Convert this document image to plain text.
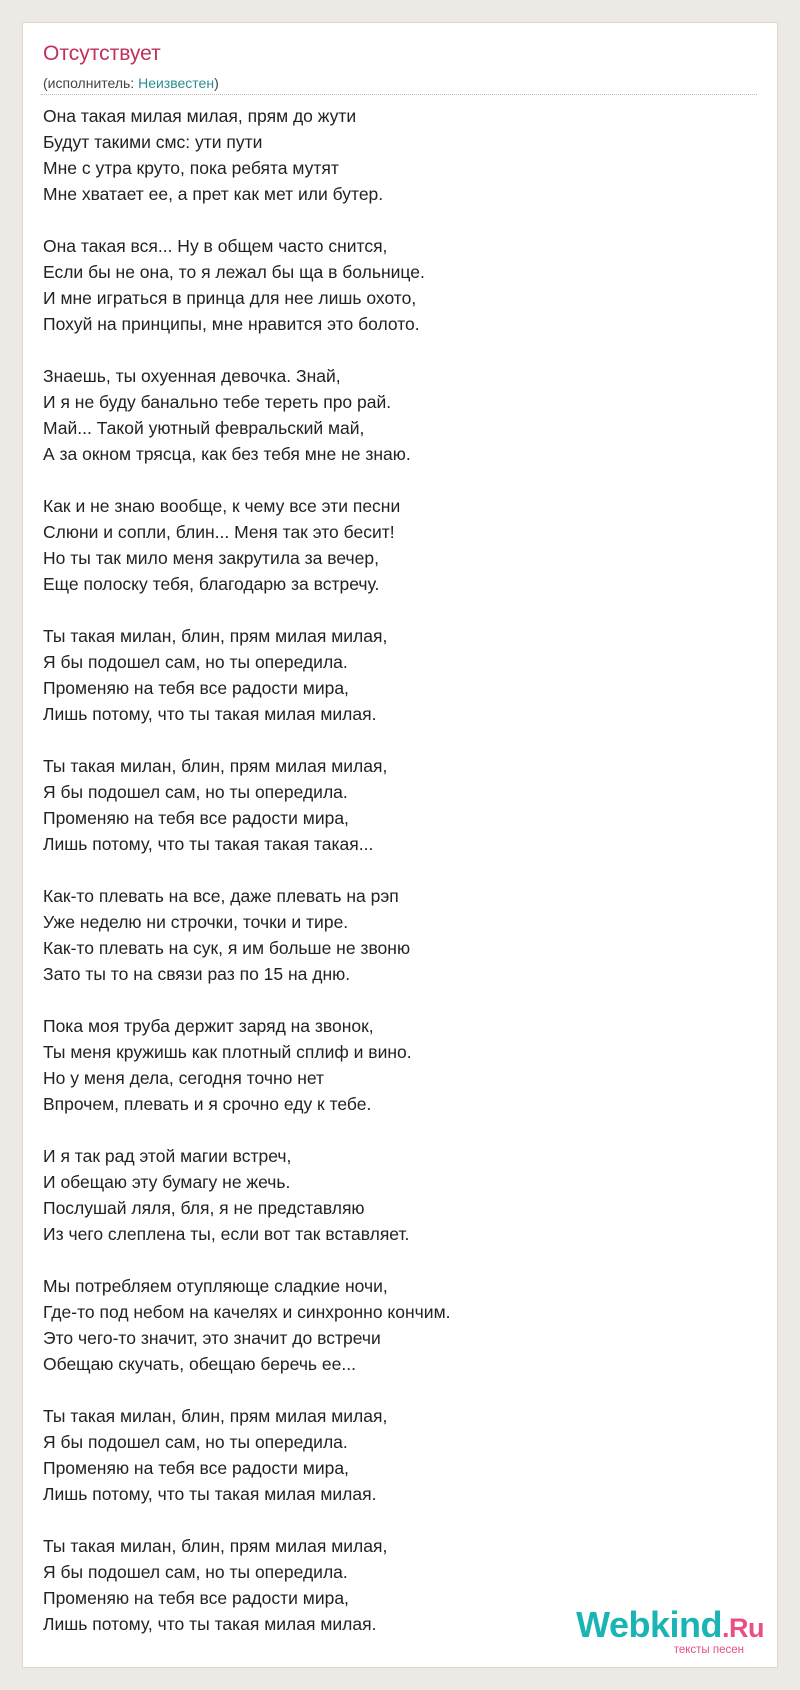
Отсутствует
(исполнитель: Неизвестен)
Она такая милая милая, прям до жути
Будут такими смс: ути пути
Мне с утра круто, пока ребята мутят
Мне хватает ее, а прет как мет или бутер.
Она такая вся... Ну в общем часто снится,
Если бы не она, то я лежал бы ща в больнице.
И мне играться в принца для нее лишь охото,
Похуй на принципы, мне нравится это болото.
Знаешь, ты охуенная девочка. Знай,
И я не буду банально тебе тереть про рай.
Май... Такой уютный февральский май,
А за окном трясца, как без тебя мне не знаю.
Как и не знаю вообще, к чему все эти песни
Слюни и сопли, блин... Меня так это бесит!
Но ты так мило меня закрутила за вечер,
Еще полоску тебя, благодарю за встречу.
Ты такая милан, блин, прям милая милая,
Я бы подошел сам, но ты опередила.
Променяю на тебя все радости мира,
Лишь потому, что ты такая милая милая.
Ты такая милан, блин, прям милая милая,
Я бы подошел сам, но ты опередила.
Променяю на тебя все радости мира,
Лишь потому, что ты такая такая такая...
Как-то плевать на все, даже плевать на рэп
Уже неделю ни строчки, точки и тире.
Как-то плевать на сук, я им больше не звоню
Зато ты то на связи раз по 15 на дню.
Пока моя труба держит заряд на звонок,
Ты меня кружишь как плотный сплиф и вино.
Но у меня дела, сегодня точно нет
Впрочем, плевать и я срочно еду к тебе.
И я так рад этой магии встреч,
И обещаю эту бумагу не жечь.
Послушай ляля, бля, я не представляю
Из чего слеплена ты, если вот так вставляет.
Мы потребляем отупляюще сладкие ночи,
Где-то под небом на качелях и синхронно кончим.
Это чего-то значит, это значит до встречи
Обещаю скучать, обещаю беречь ее...
Ты такая милан, блин, прям милая милая,
Я бы подошел сам, но ты опередила.
Променяю на тебя все радости мира,
Лишь потому, что ты такая милая милая.
Ты такая милан, блин, прям милая милая,
Я бы подошел сам, но ты опередила.
Променяю на тебя все радости мира,
Лишь потому, что ты такая милая милая.	Webkind.Ru
тексты песен
